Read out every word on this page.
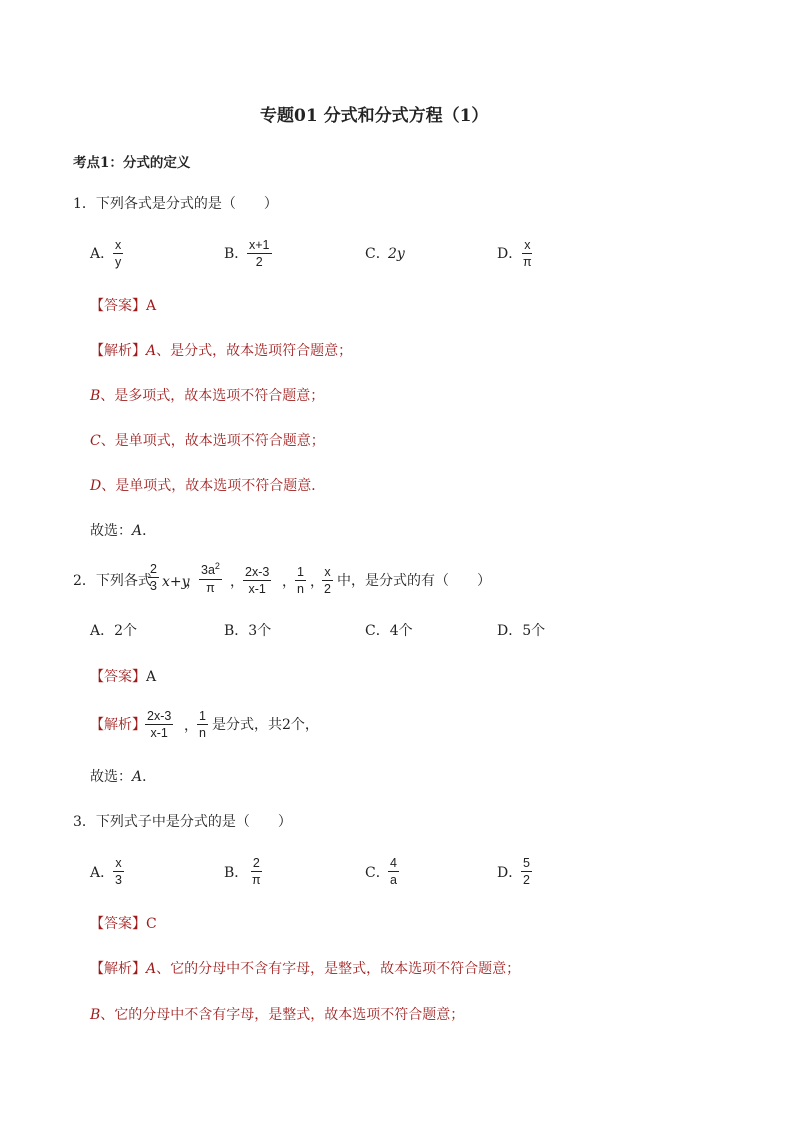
专题01 分式和分式方程（1）
考点1：分式的定义
1．下列各式是分式的是（　　）
A．
$\frac{x}{y}$	B．
$\frac{x+1}{2}$	C．
2y	D．
$\frac{x}{\pi}$
【答案】A
【解析】A、是分式，故本选项符合题意；
B、是多项式，故本选项不符合题意；
C、是单项式，故本选项不符合题意；
D、是单项式，故本选项不符合题意．
故选：A．
2．下列各式
$\frac{2}{3} x+y$
， $\frac{3a^2}{\pi}$ ， $\frac{2x-3}{x-1}$ ， $\frac{1}{n}$ ，
$\frac{x}{2}$ 中，是分式的有（　　）
A．2个	B．3个	C．4个	D．5个
【答案】A
【解析】 $\frac{2x-3}{x-1}$ ， $\frac{1}{n}$ 是分式，共2个，
故选：A．
3．下列式子中是分式的是（　　）
A．
$\frac{x}{3}$	B． $\frac{2}{\pi}$	C．
$\frac{4}{a}$	D．
$\frac{5}{2}$
【答案】C
【解析】A、它的分母中不含有字母，是整式，故本选项不符合题意；
B、它的分母中不含有字母，是整式，故本选项不符合题意；
